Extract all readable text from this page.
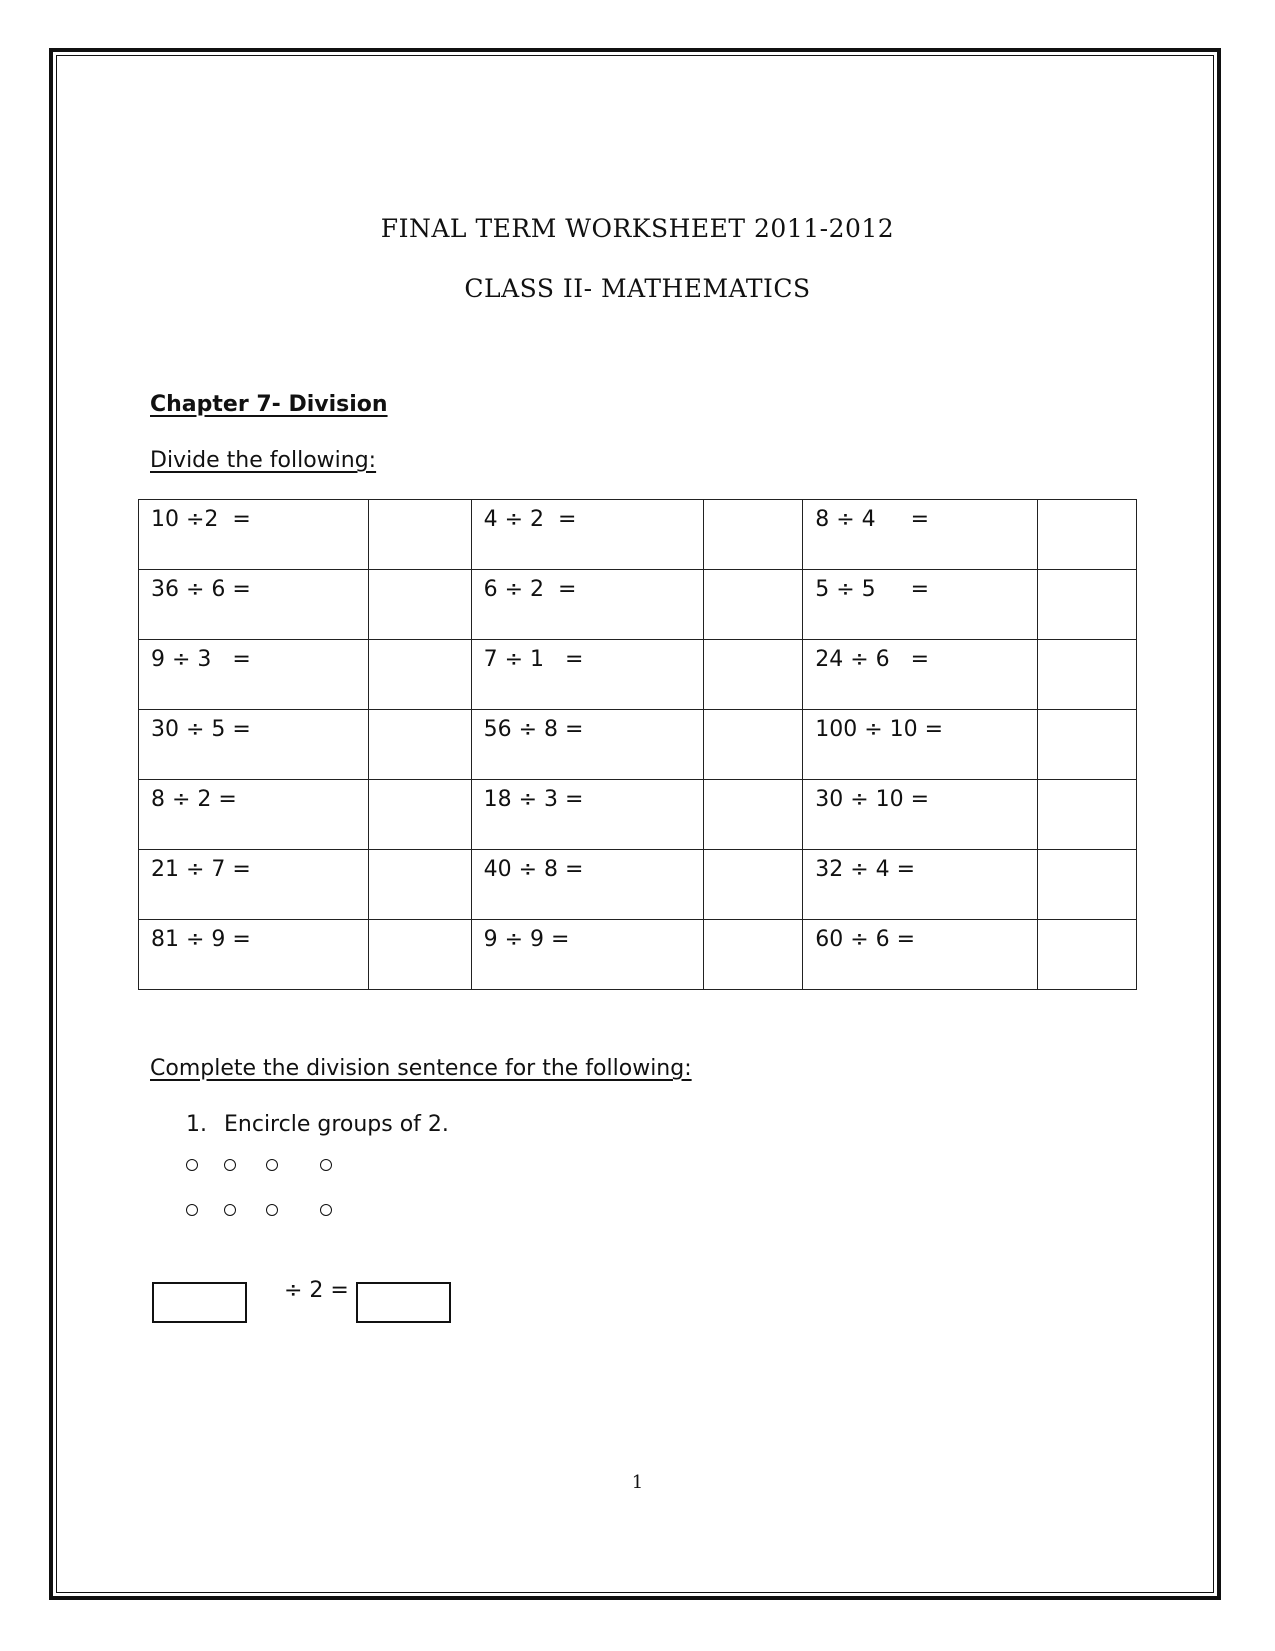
FINAL TERM WORKSHEET 2011-2012
CLASS II- MATHEMATICS
Chapter 7- Division
Divide the following:
10 ÷2  =		4 ÷ 2  =		8 ÷ 4     =	
36 ÷ 6 =		6 ÷ 2  =		5 ÷ 5     =	
9 ÷ 3   =		7 ÷ 1   =		24 ÷ 6   =	
30 ÷ 5 =		56 ÷ 8 =		100 ÷ 10 =	
8 ÷ 2 =		18 ÷ 3 =		30 ÷ 10 =	
21 ÷ 7 =		40 ÷ 8 =		32 ÷ 4 =	
81 ÷ 9 =		9 ÷ 9 =		60 ÷ 6 =	
Complete the division sentence for the following:
1. Encircle groups of 2.
÷ 2 =
1
